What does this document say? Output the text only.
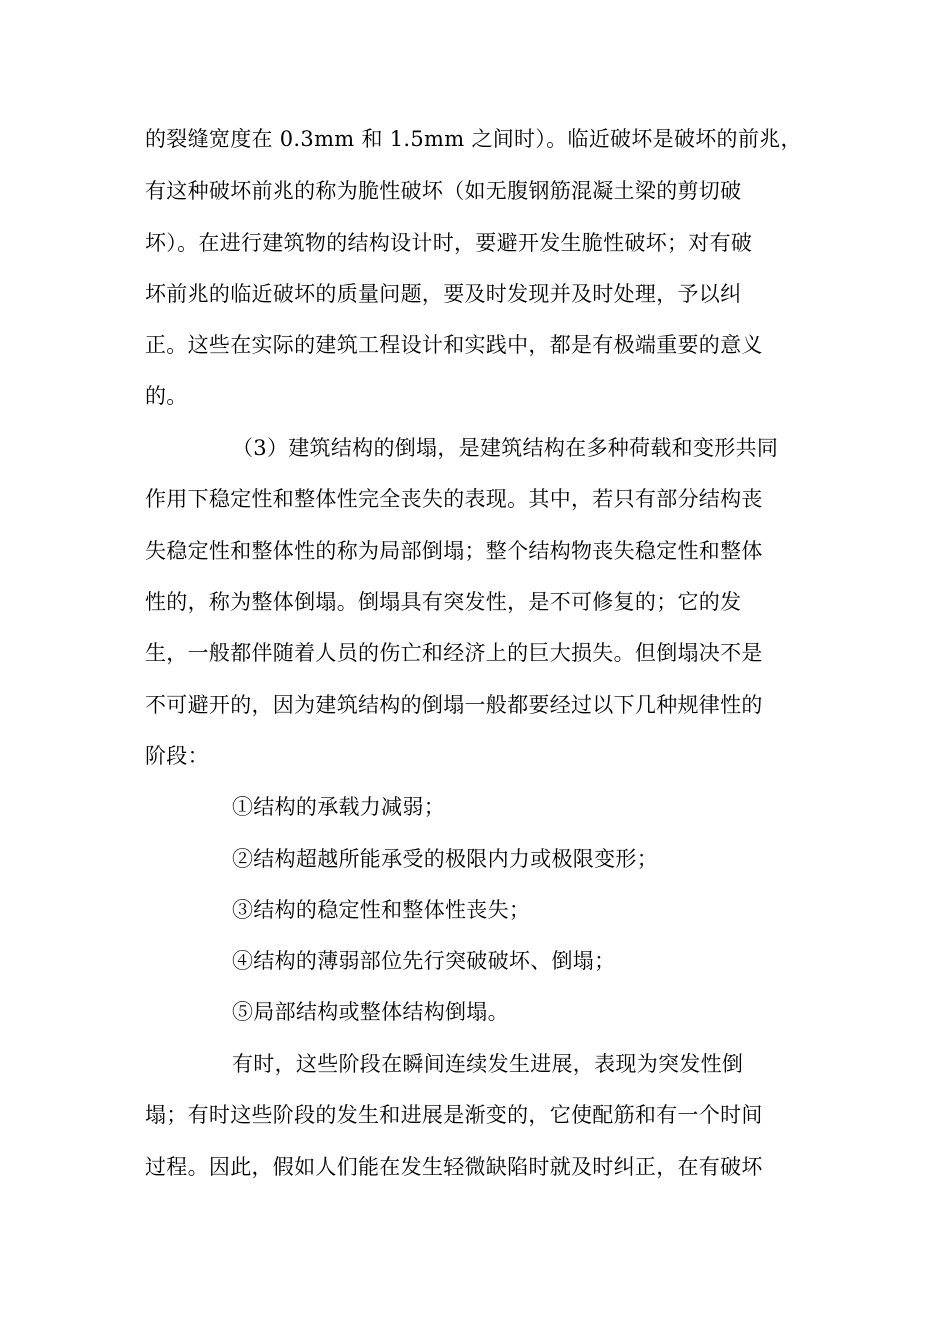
的裂缝宽度在 0.3mm 和 1.5mm 之间时）。临近破坏是破坏的前兆，
有这种破坏前兆的称为脆性破坏（如无腹钢筋混凝土梁的剪切破
坏）。在进行建筑物的结构设计时，要避开发生脆性破坏；对有破
坏前兆的临近破坏的质量问题，要及时发现并及时处理，予以纠
正。这些在实际的建筑工程设计和实践中，都是有极端重要的意义
的。
（3）建筑结构的倒塌，是建筑结构在多种荷载和变形共同
作用下稳定性和整体性完全丧失的表现。其中，若只有部分结构丧
失稳定性和整体性的称为局部倒塌；整个结构物丧失稳定性和整体
性的，称为整体倒塌。倒塌具有突发性，是不可修复的；它的发
生，一般都伴随着人员的伤亡和经济上的巨大损失。但倒塌决不是
不可避开的，因为建筑结构的倒塌一般都要经过以下几种规律性的
阶段：
①结构的承载力减弱；
②结构超越所能承受的极限内力或极限变形；
③结构的稳定性和整体性丧失；
④结构的薄弱部位先行突破破坏、倒塌；
⑤局部结构或整体结构倒塌。
有时，这些阶段在瞬间连续发生进展，表现为突发性倒
塌；有时这些阶段的发生和进展是渐变的，它使配筋和有一个时间
过程。因此，假如人们能在发生轻微缺陷时就及时纠正，在有破坏
